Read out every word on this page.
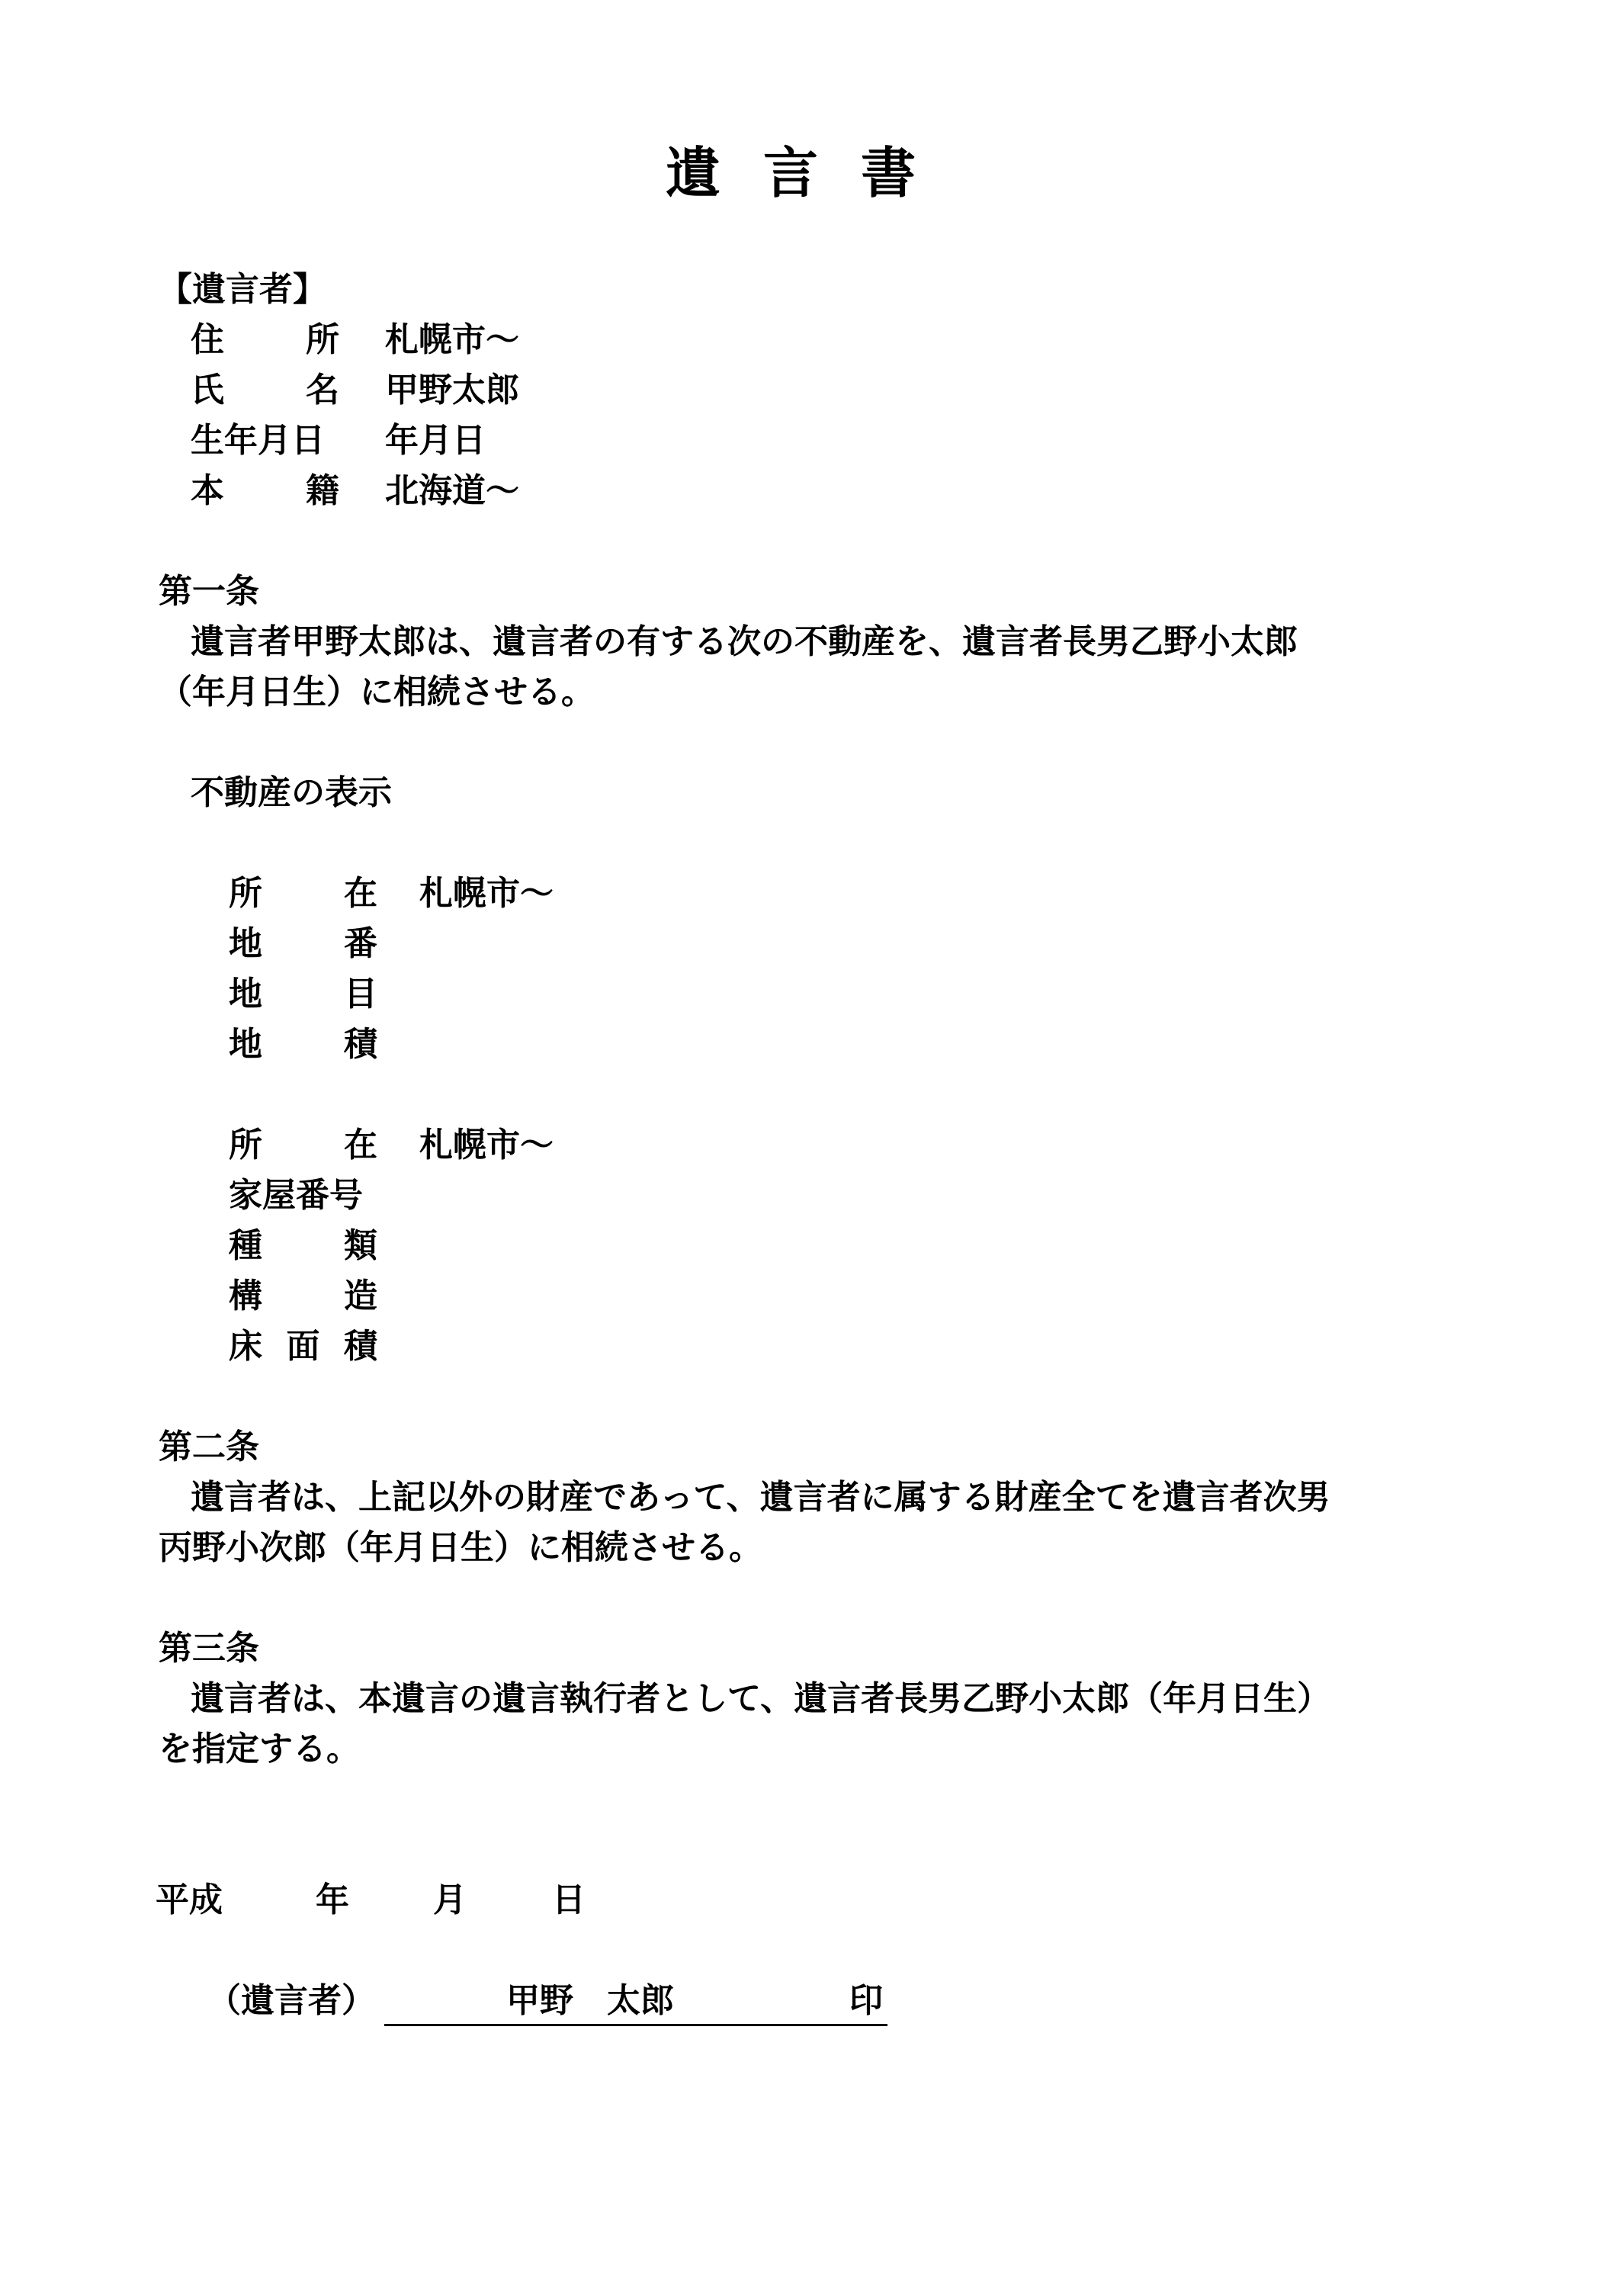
遺言書
【遺言者】
住 所 札幌市～
氏 名 甲野太郎
生年月日 年月日
本 籍 北海道～
第一条
遺言者甲野太郎は、遺言者の有する次の不動産を、遺言者長男乙野小太郎
（年月日生）に相続させる。
不動産の表示
所 在 札幌市～
地 番
地 目
地 積
所 在 札幌市～
家屋番号
種 類
構 造
床 面 積
第二条
遺言者は、上記以外の財産であって、遺言者に属する財産全てを遺言者次男
丙野小次郎（年月日生）に相続させる。
第三条
遺言者は、本遺言の遺言執行者として、遺言者長男乙野小太郎（年月日生）
を指定する。
平成	年	月	日
（遺言者）	甲野　太郎	印
